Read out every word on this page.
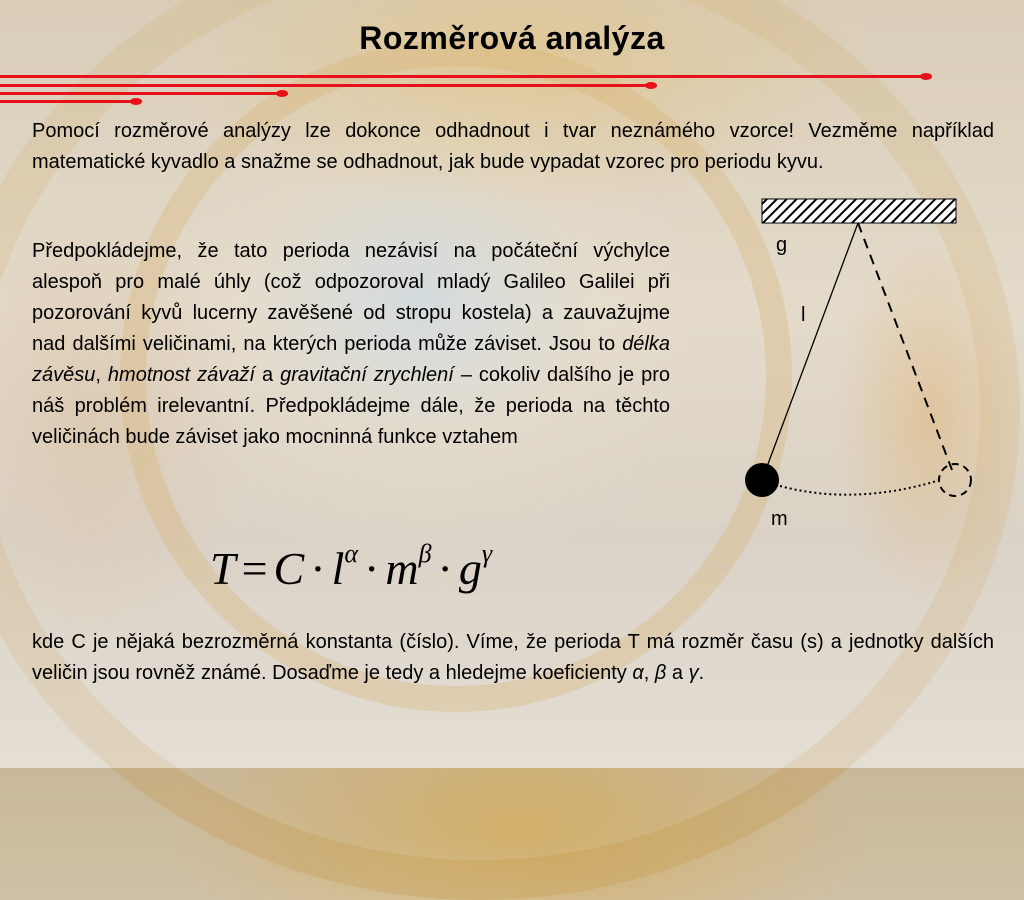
Rozměrová analýza
Pomocí rozměrové analýzy lze dokonce odhadnout i tvar neznámého vzorce! Vezměme například matematické kyvadlo a snažme se odhadnout, jak bude vypadat vzorec pro periodu kyvu.
Předpokládejme, že tato perioda nezávisí na počáteční výchylce alespoň pro malé úhly (což odpozoroval mladý Galileo Galilei při pozorování kyvů lucerny zavěšené od stropu kostela) a zauvažujme nad dalšími veličinami, na kterých perioda může záviset. Jsou to délka závěsu, hmotnost závaží a gravitační zrychlení – cokoliv dalšího je pro náš problém irelevantní. Předpokládejme dále, že perioda na těchto veličinách bude záviset jako mocninná funkce vztahem
$T = C \cdot l^\alpha \cdot m^\beta \cdot g^\gamma$
kde C je nějaká bezrozměrná konstanta (číslo). Víme, že perioda T má rozměr času (s) a jednotky dalších veličin jsou rovněž známé. Dosaďme je tedy a hledejme koeficienty α, β a γ.
g
l
m
